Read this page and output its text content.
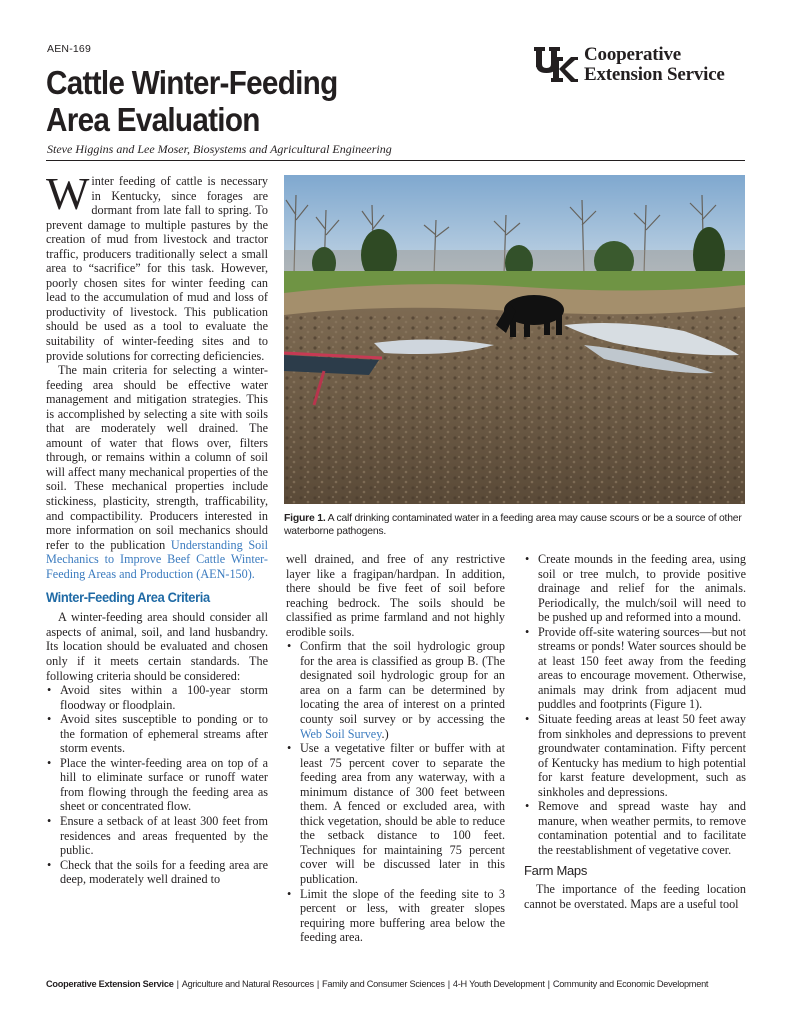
AEN-169
Cattle Winter-Feeding
Area Evaluation
Steve Higgins and Lee Moser, Biosystems and Agricultural Engineering
Cooperative
Extension Service

Winter feeding of cattle is necessary in Kentucky, since forages are dormant from late fall to spring. To prevent damage to multiple pastures by the creation of mud from livestock and tractor traffic, producers traditionally select a small area to “sacrifice” for this task. However, poorly chosen sites for winter feeding can lead to the accumulation of mud and loss of productivity of livestock. This publication should be used as a tool to evaluate the suitability of winter-feeding sites and to provide solutions for correcting deficiencies.

The main criteria for selecting a winter-feeding area should be effective water management and mitigation strategies. This is accomplished by selecting a site with soils that are moderately well drained. The amount of water that flows over, filters through, or remains within a column of soil will affect many mechanical properties of the soil. These mechanical properties include stickiness, plasticity, strength, trafficability, and compactibility. Producers interested in more information on soil mechanics should refer to the publication Understanding Soil Mechanics to Improve Beef Cattle Winter-Feeding Areas and Production (AEN-150).

Winter-Feeding Area Criteria

A winter-feeding area should consider all aspects of animal, soil, and land husbandry. Its location should be evaluated and chosen only if it meets certain standards. The following criteria should be considered:

• Avoid sites within a 100-year storm floodway or floodplain.
• Avoid sites susceptible to ponding or to the formation of ephemeral streams after storm events.
• Place the winter-feeding area on top of a hill to eliminate surface or runoff water from flowing through the feeding area as sheet or concentrated flow.
• Ensure a setback of at least 300 feet from residences and areas frequented by the public.
• Check that the soils for a feeding area are deep, moderately well drained to
Figure 1. A calf drinking contaminated water in a feeding area may cause scours or be a source of other waterborne pathogens.

well drained, and free of any restrictive layer like a fragipan/hardpan. In addition, there should be five feet of soil before reaching bedrock. The soils should be classified as prime farmland and not highly erodible soils.

• Confirm that the soil hydrologic group for the area is classified as group B. (The designated soil hydrologic group for an area on a farm can be determined by locating the area of interest on a printed county soil survey or by accessing the Web Soil Survey.)
• Use a vegetative filter or buffer with at least 75 percent cover to separate the feeding area from any waterway, with a minimum distance of 300 feet between them. A fenced or excluded area, with thick vegetation, should be able to reduce the setback distance to 100 feet. Techniques for maintaining 75 percent cover will be discussed later in this publication.
• Limit the slope of the feeding site to 3 percent or less, with greater slopes requiring more buffering area below the feeding area.
• Create mounds in the feeding area, using soil or tree mulch, to provide positive drainage and relief for the animals. Periodically, the mulch/soil will need to be pushed up and reformed into a mound.
• Provide off-site watering sources—but not streams or ponds! Water sources should be at least 150 feet away from the feeding areas to encourage movement. Otherwise, animals may drink from adjacent mud puddles and footprints (Figure 1).
• Situate feeding areas at least 50 feet away from sinkholes and depressions to prevent groundwater contamination. Fifty percent of Kentucky has medium to high potential for karst feature development, such as sinkholes and depressions.
• Remove and spread waste hay and manure, when weather permits, to remove contamination potential and to facilitate the reestablishment of vegetative cover.
Farm Maps

The importance of the feeding location cannot be overstated. Maps are a useful tool

Cooperative Extension Service | Agriculture and Natural Resources | Family and Consumer Sciences | 4-H Youth Development | Community and Economic Development
